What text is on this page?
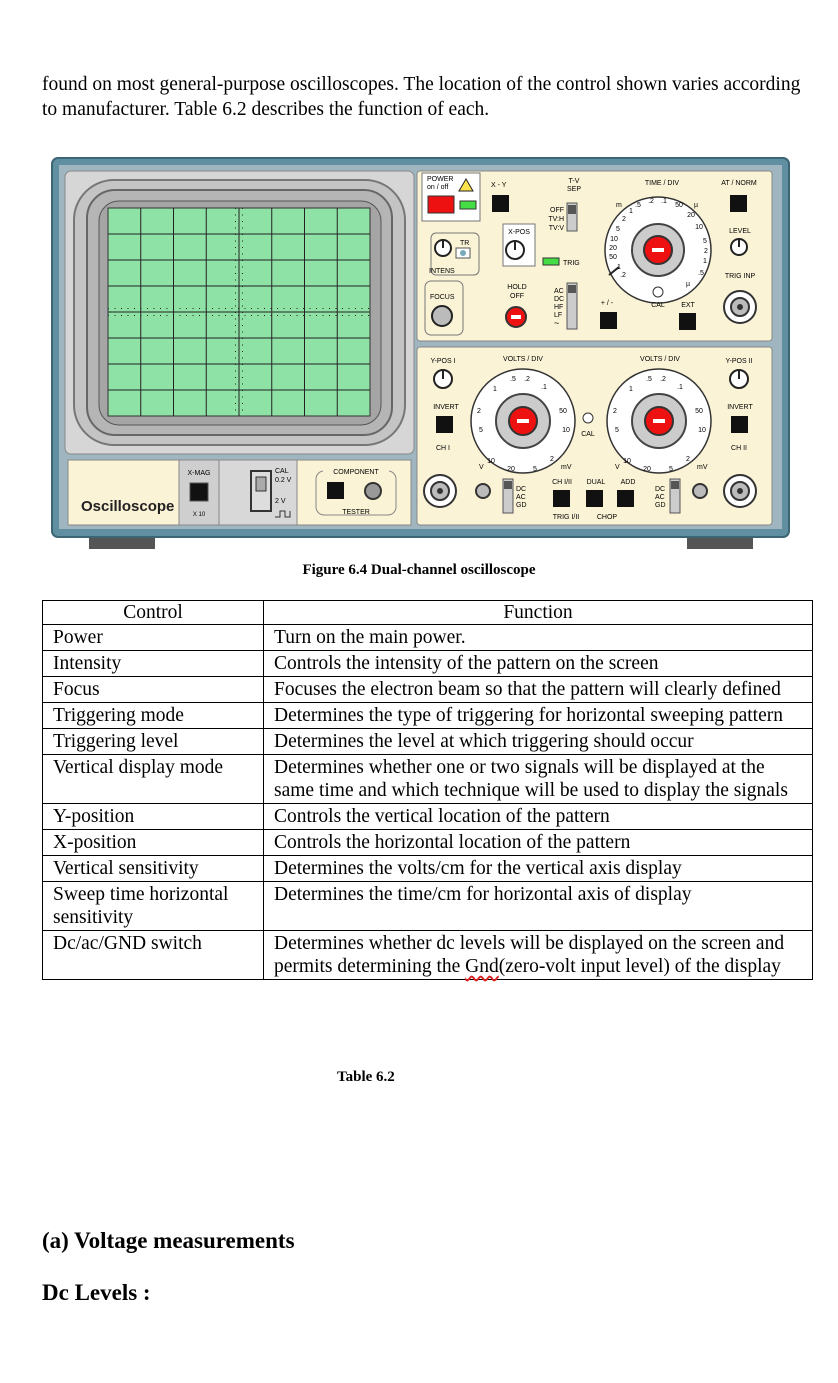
found on most general-purpose oscilloscopes. The location of the control shown varies according to manufacturer. Table 6.2 describes the function of each.

Oscilloscope
X-MAG
X 10
CAL
0.2 V
2 V
COMPONENT
TESTER
POWER
on / off	X - Y
T-V
SEP
OFF
TV:H
TV:V
TRIG
TR
INTENS
X-POS
FOCUS
HOLD
OFF
AC
DC
HF
LF
~
+ / -
TIME / DIV
m	µ
.5
.2 .1
50
20
10
5
2
1
.5
.2
.1
50
20
10
5
2
1
µ
CAL EXT
AT / NORM
LEVEL
TRIG INP
Y-POS I	Y-POS II
INVERT	INVERT
CH I	CH II
VOLTS / DIV
.5 .2
.1
50
10
2
5
20
10
5
2
1
V	mV
CAL
VOLTS / DIV
.5 .2
.1
50
10
2
5
20
10
5
2
1
V	mV
DC
AC
GD
CH I/II DUAL ADD
TRIG I/II	CHOP
DC
AC
GD
Figure 6.4 Dual-channel oscilloscope
Control	Function
Power	Turn on the main power.
Intensity	Controls the intensity of the pattern on the screen
Focus	Focuses the electron beam so that the pattern will clearly defined
Triggering mode	Determines the type of triggering for horizontal sweeping pattern
Triggering level	Determines the level at which triggering should occur
Vertical display mode	Determines whether one or two signals will be displayed at the same time and which technique will be used to display the signals
Y-position	Controls the vertical location of the pattern
X-position	Controls the horizontal location of the pattern
Vertical sensitivity	Determines the volts/cm for the vertical axis display
Sweep time horizontal sensitivity	Determines the time/cm for horizontal axis of display
Dc/ac/GND switch	Determines whether dc levels will be displayed on the screen and permits determining the Gnd(zero-volt input level) of the display
Table 6.2
(a) Voltage measurements
Dc Levels :
